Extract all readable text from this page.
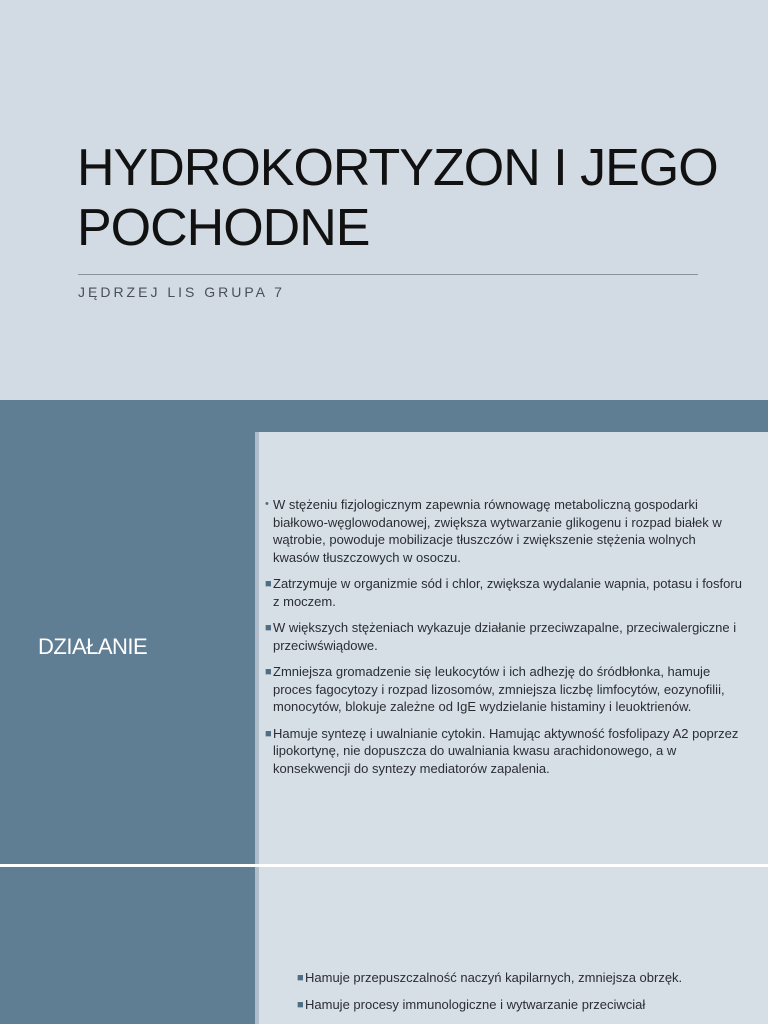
HYDROKORTYZON I JEGO POCHODNE
JĘDRZEJ LIS GRUPA 7
DZIAŁANIE
• W stężeniu fizjologicznym zapewnia równowagę metaboliczną gospodarki białkowo-węglowodanowej, zwiększa wytwarzanie glikogenu i rozpad białek w wątrobie, powoduje mobilizacje tłuszczów i zwiększenie stężenia wolnych kwasów tłuszczowych w osoczu.
■ Zatrzymuje w organizmie sód i chlor, zwiększa wydalanie wapnia, potasu i fosforu z moczem.
■ W większych stężeniach wykazuje działanie przeciwzapalne, przeciwalergiczne i przeciwświądowe.
■ Zmniejsza gromadzenie się leukocytów i ich adhezję do śródbłonka, hamuje proces fagocytozy i rozpad lizosomów, zmniejsza liczbę limfocytów, eozynofilii, monocytów, blokuje zależne od IgE wydzielanie histaminy i leuoktrienów.
■ Hamuje syntezę i uwalnianie cytokin. Hamując aktywność fosfolipazy A2 poprzez lipokortynę, nie dopuszcza do uwalniania kwasu arachidonowego, a w konsekwencji do syntezy mediatorów zapalenia.
■ Hamuje przepuszczalność naczyń kapilarnych, zmniejsza obrzęk.
■ Hamuje procesy immunologiczne i wytwarzanie przeciwciał
